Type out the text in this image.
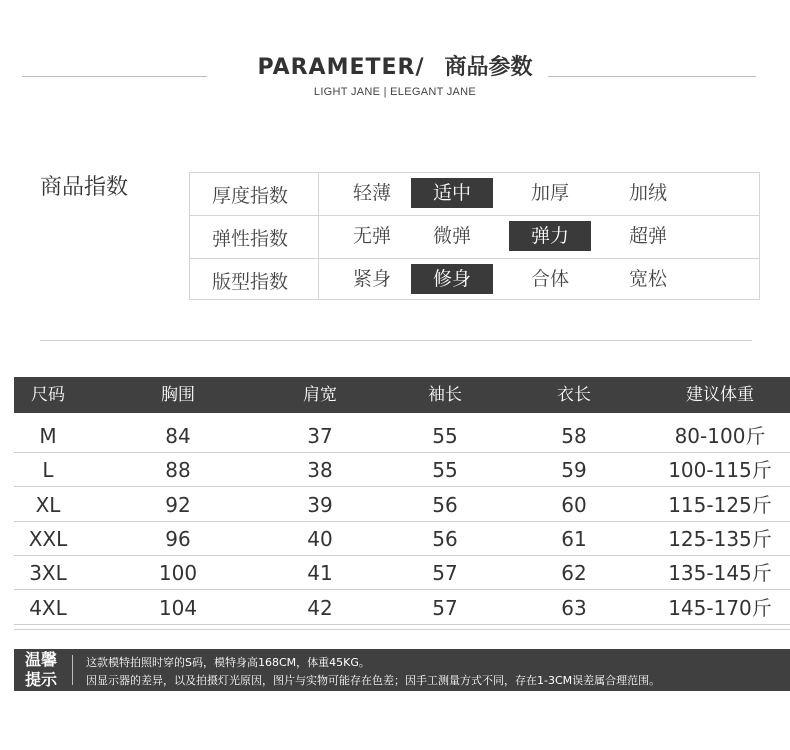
PARAMETER/ 商品参数
LIGHT JANE | ELEGANT JANE
商品指数	厚度指数	轻薄	适中	加厚	加绒
弹性指数	无弹	微弹	弹力	超弹
版型指数	紧身	修身	合体	宽松
尺码	胸围	肩宽	袖长	衣长	建议体重
M	84	37	55	58	80-100斤
L	88	38	55	59	100-115斤
XL	92	39	56	60	115-125斤
XXL	96	40	56	61	125-135斤
3XL	100	41	57	62	135-145斤
4XL	104	42	57	63	145-170斤
温馨
提示
这款模特拍照时穿的S码，模特身高168CM，体重45KG。
因显示器的差异，以及拍摄灯光原因，图片与实物可能存在色差；因手工测量方式不同，存在1-3CM误差属合理范围。
